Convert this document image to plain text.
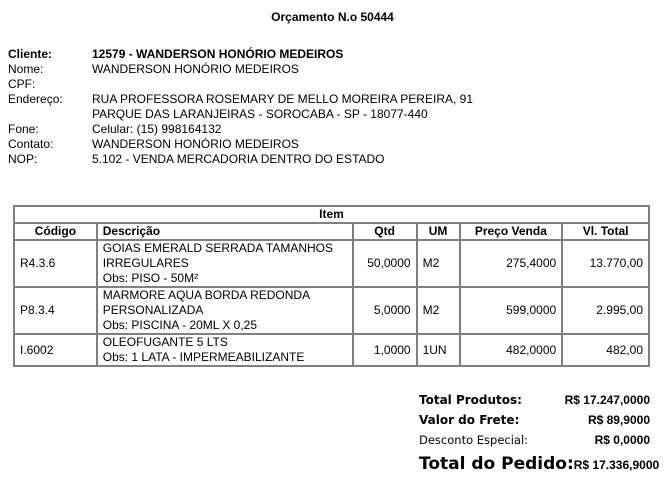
Orçamento N.o 50444
Cliente:	12579 - WANDERSON HONÓRIO MEDEIROS
Nome:	WANDERSON HONÓRIO MEDEIROS
CPF:
Endereço:	RUA PROFESSORA ROSEMARY DE MELLO MOREIRA PEREIRA, 91
PARQUE DAS LARANJEIRAS - SOROCABA - SP - 18077-440
Fone:	Celular: (15) 998164132
Contato:	WANDERSON HONÓRIO MEDEIROS
NOP:	5.102 - VENDA MERCADORIA DENTRO DO ESTADO
Item					
Código	Descrição	Qtd	UM	Preço Venda	Vl. Total
R4.3.6	GOIAS EMERALD SERRADA TAMANHOS
IRREGULARES
Obs: PISO - 50M²	50,0000	M2	275,4000	13.770,00
P8.3.4	MARMORE AQUA BORDA REDONDA
PERSONALIZADA
Obs: PISCINA - 20ML X 0,25	5,0000	M2	599,0000	2.995,00
I.6002	OLEOFUGANTE 5 LTS
Obs: 1 LATA - IMPERMEABILIZANTE	1,0000	1UN	482,0000	482,00
Total Produtos:	R$ 17.247,0000
Valor do Frete:	R$ 89,9000
Desconto Especial:	R$ 0,0000
Total do Pedido: R$ 17.336,9000
